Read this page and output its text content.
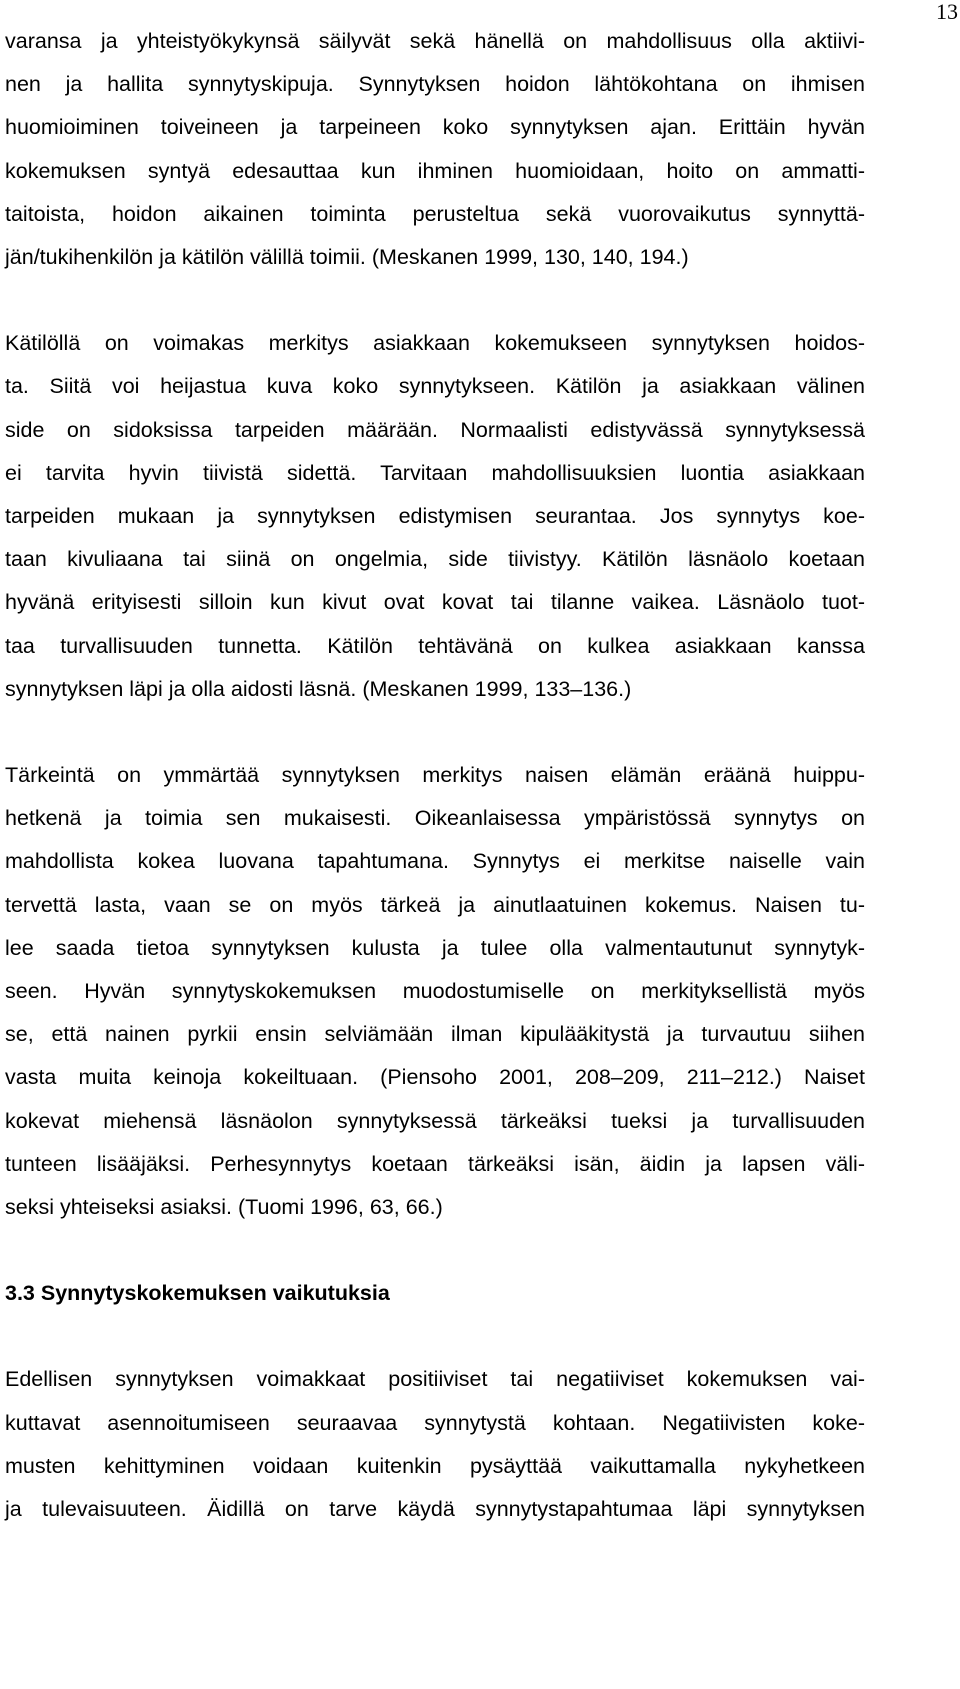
13
varansa ja yhteistyökykynsä säilyvät sekä hänellä on mahdollisuus olla aktiivi-
nen ja hallita synnytyskipuja. Synnytyksen hoidon lähtökohtana on ihmisen
huomioiminen toiveineen ja tarpeineen koko synnytyksen ajan. Erittäin hyvän
kokemuksen syntyä edesauttaa kun ihminen huomioidaan, hoito on ammatti-
taitoista, hoidon aikainen toiminta perusteltua sekä vuorovaikutus synnyttä-
jän/tukihenkilön ja kätilön välillä toimii. (Meskanen 1999, 130, 140, 194.)
Kätilöllä on voimakas merkitys asiakkaan kokemukseen synnytyksen hoidos-
ta. Siitä voi heijastua kuva koko synnytykseen. Kätilön ja asiakkaan välinen
side on sidoksissa tarpeiden määrään. Normaalisti edistyvässä synnytyksessä
ei tarvita hyvin tiivistä sidettä. Tarvitaan mahdollisuuksien luontia asiakkaan
tarpeiden mukaan ja synnytyksen edistymisen seurantaa. Jos synnytys koe-
taan kivuliaana tai siinä on ongelmia, side tiivistyy. Kätilön läsnäolo koetaan
hyvänä erityisesti silloin kun kivut ovat kovat tai tilanne vaikea. Läsnäolo tuot-
taa turvallisuuden tunnetta. Kätilön tehtävänä on kulkea asiakkaan kanssa
synnytyksen läpi ja olla aidosti läsnä. (Meskanen 1999, 133–136.)
Tärkeintä on ymmärtää synnytyksen merkitys naisen elämän eräänä huippu-
hetkenä ja toimia sen mukaisesti. Oikeanlaisessa ympäristössä synnytys on
mahdollista kokea luovana tapahtumana. Synnytys ei merkitse naiselle vain
tervettä lasta, vaan se on myös tärkeä ja ainutlaatuinen kokemus. Naisen tu-
lee saada tietoa synnytyksen kulusta ja tulee olla valmentautunut synnytyk-
seen. Hyvän synnytyskokemuksen muodostumiselle on merkityksellistä myös
se, että nainen pyrkii ensin selviämään ilman kipulääkitystä ja turvautuu siihen
vasta muita keinoja kokeiltuaan. (Piensoho 2001, 208–209, 211–212.) Naiset
kokevat miehensä läsnäolon synnytyksessä tärkeäksi tueksi ja turvallisuuden
tunteen lisääjäksi. Perhesynnytys koetaan tärkeäksi isän, äidin ja lapsen väli-
seksi yhteiseksi asiaksi. (Tuomi 1996, 63, 66.)
3.3 Synnytyskokemuksen vaikutuksia
Edellisen synnytyksen voimakkaat positiiviset tai negatiiviset kokemuksen vai-
kuttavat asennoitumiseen seuraavaa synnytystä kohtaan. Negatiivisten koke-
musten kehittyminen voidaan kuitenkin pysäyttää vaikuttamalla nykyhetkeen
ja tulevaisuuteen. Äidillä on tarve käydä synnytystapahtumaa läpi synnytyksen
